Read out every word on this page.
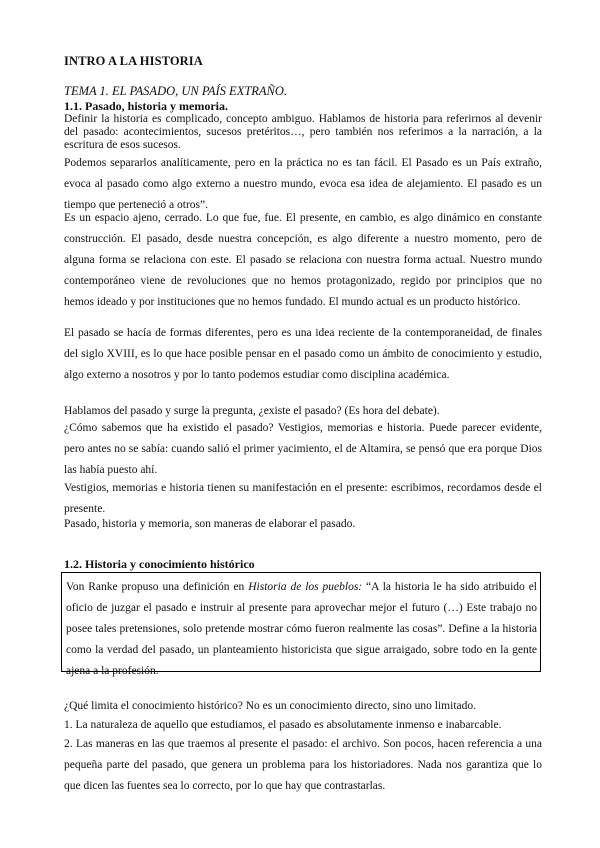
INTRO A LA HISTORIA
TEMA 1. EL PASADO, UN PAÍS EXTRAÑO.
1.1. Pasado, historia y memoria.

Definir la historia es complicado, concepto ambiguo. Hablamos de historia para referirnos al devenir del pasado: acontecimientos, sucesos pretéritos…, pero también nos referimos a la narración, a la escritura de esos sucesos.

Podemos separarlos analíticamente, pero en la práctica no es tan fácil. El Pasado es un País extraño, evoca al pasado como algo externo a nuestro mundo, evoca esa idea de alejamiento. El pasado es un tiempo que perteneció a otros”.

Es un espacio ajeno, cerrado. Lo que fue, fue. El presente, en cambio, es algo dinámico en constante construcción. El pasado, desde nuestra concepción, es algo diferente a nuestro momento, pero de alguna forma se relaciona con este. El pasado se relaciona con nuestra forma actual. Nuestro mundo contemporáneo viene de revoluciones que no hemos protagonizado, regido por principios que no hemos ideado y por instituciones que no hemos fundado. El mundo actual es un producto histórico.

El pasado se hacía de formas diferentes, pero es una idea reciente de la contemporaneidad, de finales del siglo XVIII, es lo que hace posible pensar en el pasado como un ámbito de conocimiento y estudio, algo externo a nosotros y por lo tanto podemos estudiar como disciplina académica.

Hablamos del pasado y surge la pregunta, ¿existe el pasado? (Es hora del debate).

¿Cómo sabemos que ha existido el pasado? Vestigios, memorias e historia. Puede parecer evidente, pero antes no se sabía: cuando salió el primer yacimiento, el de Altamira, se pensó que era porque Dios las había puesto ahí.

Vestigios, memorias e historia tienen su manifestación en el presente: escribimos, recordamos desde el presente.

Pasado, historia y memoria, son maneras de elaborar el pasado.

1.2. Historia y conocimiento histórico

Von Ranke propuso una definición en Historia de los pueblos: “A la historia le ha sido atribuido el oficio de juzgar el pasado e instruir al presente para aprovechar mejor el futuro (…) Este trabajo no posee tales pretensiones, solo pretende mostrar cómo fueron realmente las cosas”. Define a la historia como la verdad del pasado, un planteamiento historicista que sigue arraigado, sobre todo en la gente ajena a la profesión.

¿Qué limita el conocimiento histórico? No es un conocimiento directo, sino uno limitado.

1. La naturaleza de aquello que estudiamos, el pasado es absolutamente inmenso e inabarcable.

2. Las maneras en las que traemos al presente el pasado: el archivo. Son pocos, hacen referencia a una pequeña parte del pasado, que genera un problema para los historiadores. Nada nos garantiza que lo que dicen las fuentes sea lo correcto, por lo que hay que contrastarlas.
